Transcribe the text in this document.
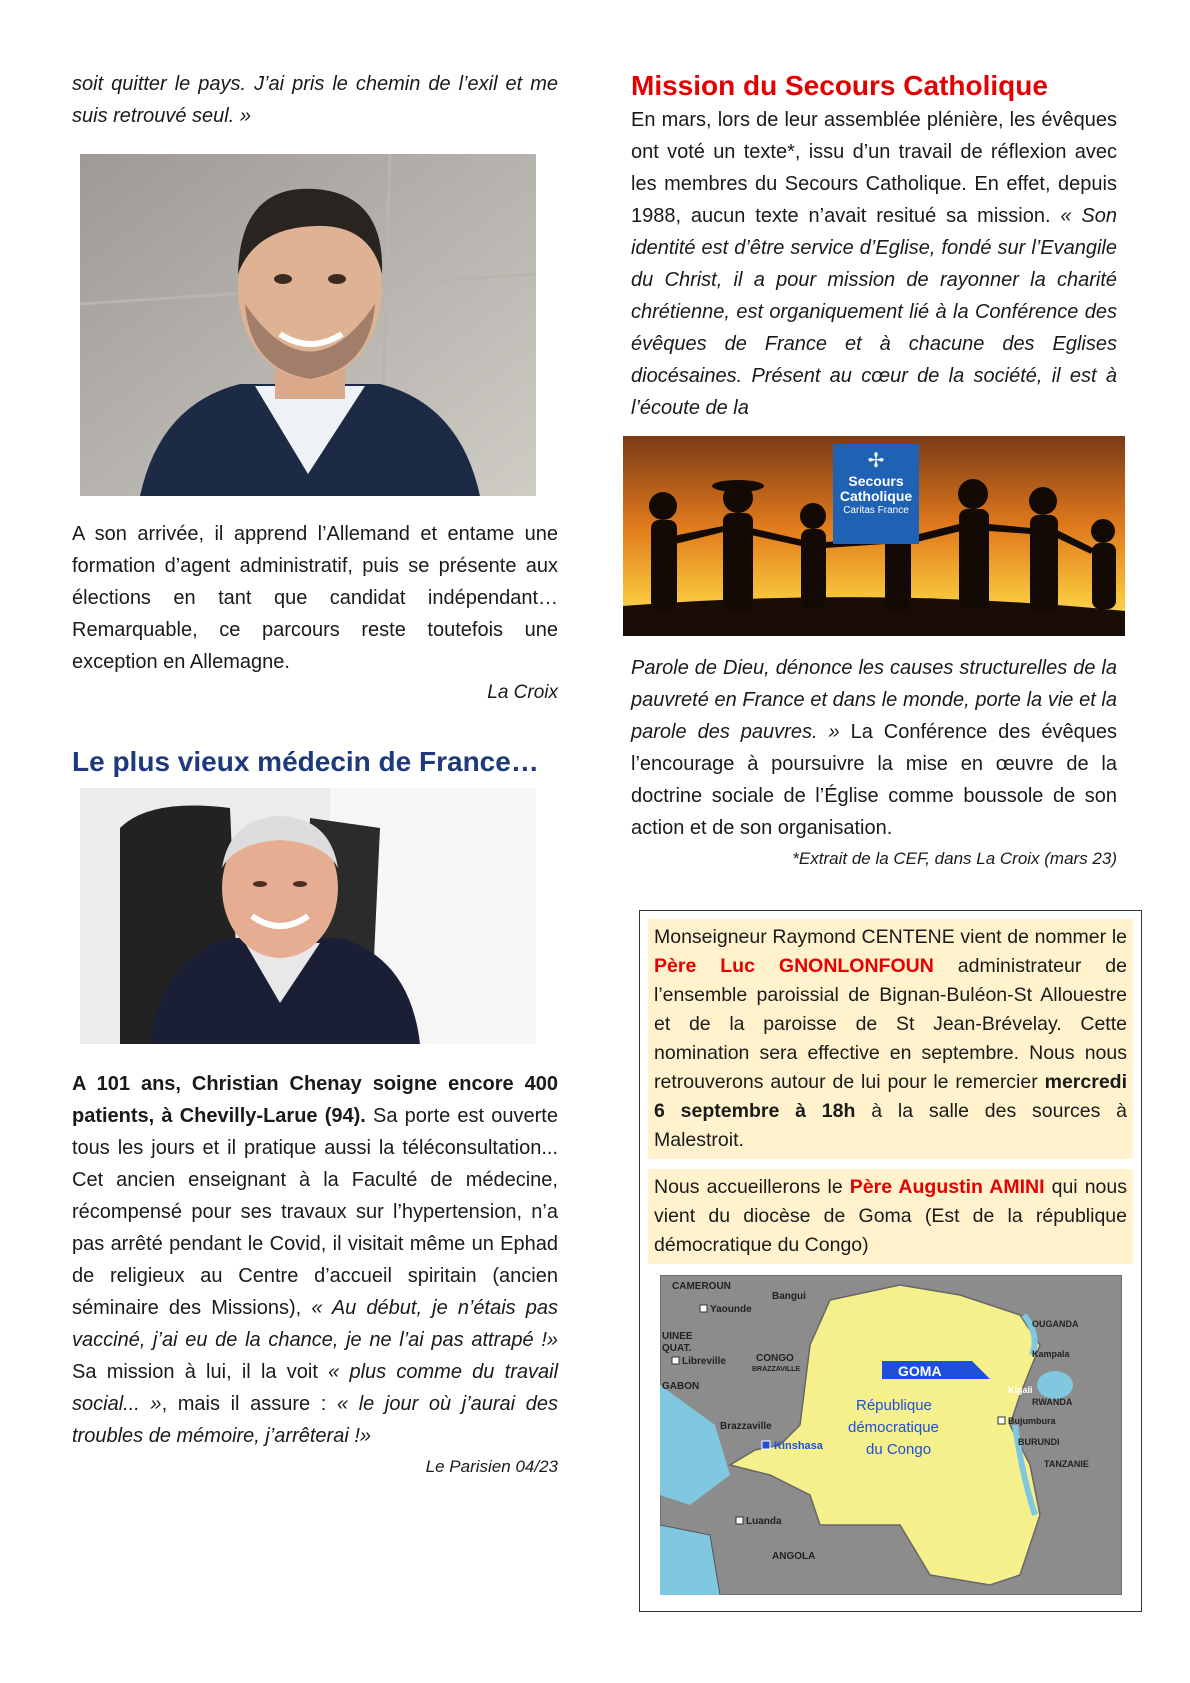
soit quitter le pays. J’ai pris le chemin de l’exil et me suis retrouvé seul. »

A son arrivée, il apprend l’Allemand et entame une formation d’agent administratif, puis se présente aux élections en tant que candidat indépendant… Remarquable, ce parcours reste toutefois une exception en Allemagne.

La Croix

Le plus vieux médecin de France…

A 101 ans, Christian Chenay soigne encore 400 patients, à Chevilly-Larue (94). Sa porte est ouverte tous les jours et il pratique aussi la téléconsultation... Cet ancien enseignant à la Faculté de médecine, récompensé pour ses travaux sur l’hypertension, n’a pas arrêté pendant le Covid, il visitait même un Ephad de religieux au Centre d’accueil spiritain (ancien séminaire des Missions), « Au début, je n’étais pas vacciné, j’ai eu de la chance, je ne l’ai pas attrapé !» Sa mission à lui, il la voit « plus comme du travail social... », mais il assure : « le jour où j’aurai des troubles de mémoire, j’arrêterai !»

Le Parisien 04/23

Mission du Secours Catholique

En mars, lors de leur assemblée plénière, les évêques ont voté un texte*, issu d’un travail de réflexion avec les membres du Secours Catholique. En effet, depuis 1988, aucun texte n’avait resitué sa mission. « Son identité est d’être service d’Eglise, fondé sur l’Evangile du Christ, il a pour mission de rayonner la charité chrétienne, est organiquement lié à la Conférence des évêques de France et à chacune des Eglises diocésaines. Présent au cœur de la société, il est à l’écoute de la

✢
Secours
Catholique
Caritas France

Parole de Dieu, dénonce les causes structurelles de la pauvreté en France et dans le monde, porte la vie et la parole des pauvres. » La Conférence des évêques l’encourage à poursuivre la mise en œuvre de la doctrine sociale de l’Église comme boussole de son action et de son organisation.

*Extrait de la CEF, dans La Croix (mars 23)

Monseigneur Raymond CENTENE vient de nommer le Père Luc GNONLONFOUN administrateur de l’ensemble paroissial de Bignan-Buléon-St Allouestre et de la paroisse de St Jean-Brévelay. Cette nomination sera effective en septembre. Nous nous retrouverons autour de lui pour le remercier mercredi 6 septembre à 18h à la salle des sources à Malestroit.

Nous accueillerons le Père Augustin AMINI qui nous vient du diocèse de Goma (Est de la république démocratique du Congo)

CAMEROUN
Bangui
Yaounde
UINEE
QUAT.
Libreville	CONGO
BRAZZAVILLE
GABON
Brazzaville
Kinshasa
Luanda
ANGOLA
OUGANDA
Kampala
Kigali
RWANDA
Bujumbura
BURUNDI
TANZANIE
GOMA
République
démocratique
du Congo
